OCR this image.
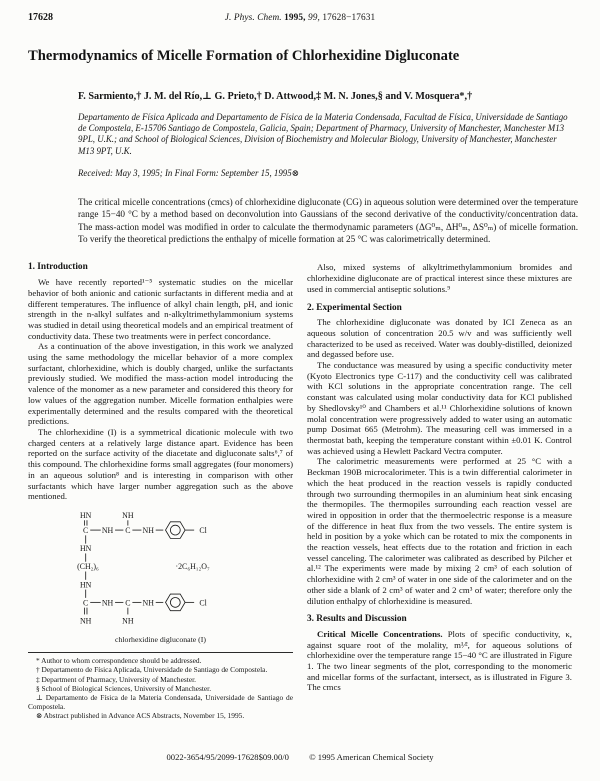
17628	J. Phys. Chem. 1995, 99, 17628−17631
Thermodynamics of Micelle Formation of Chlorhexidine Digluconate
F. Sarmiento,† J. M. del Río,⊥ G. Prieto,† D. Attwood,‡ M. N. Jones,§ and V. Mosquera*,†
Departamento de Física Aplicada and Departamento de Física de la Materia Condensada, Facultad de Física, Universidade de Santiago de Compostela, E-15706 Santiago de Compostela, Galicia, Spain; Department of Pharmacy, University of Manchester, Manchester M13 9PL, U.K.; and School of Biological Sciences, Division of Biochemistry and Molecular Biology, University of Manchester, Manchester M13 9PT, U.K.
Received: May 3, 1995; In Final Form: September 15, 1995⊗

The critical micelle concentrations (cmcs) of chlorhexidine digluconate (CG) in aqueous solution were determined over the temperature range 15−40 °C by a method based on deconvolution into Gaussians of the second derivative of the conductivity/concentration data. The mass-action model was modified in order to calculate the thermodynamic parameters (ΔG⁰ₘ, ΔH⁰ₘ, ΔS⁰ₘ) of micelle formation. To verify the theoretical predictions the enthalpy of micelle formation at 25 °C was calorimetrically determined.

1. Introduction

We have recently reported¹⁻⁵ systematic studies on the micellar behavior of both anionic and cationic surfactants in different media and at different temperatures. The influence of alkyl chain length, pH, and ionic strength in the n-alkyl sulfates and n-alkyltrimethylammonium systems was studied in detail using theoretical models and an empirical treatment of conductivity data. These two treatments were in perfect concordance.

As a continuation of the above investigation, in this work we analyzed using the same methodology the micellar behavior of a more complex surfactant, chlorhexidine, which is doubly charged, unlike the surfactants previously studied. We modified the mass-action model introducing the valence of the monomer as a new parameter and considered this theory for low values of the aggregation number. Micelle formation enthalpies were experimentally determined and the results compared with the theoretical predictions.

The chlorhexidine (I) is a symmetrical dicationic molecule with two charged centers at a relatively large distance apart. Evidence has been reported on the surface activity of the diacetate and digluconate salts⁶,⁷ of this compound. The chlorhexidine forms small aggregates (four monomers) in an aqueous solution⁸ and is interesting in comparison with other surfactants which have larger number aggregation such as the above mentioned.

HN
C NH C
NH
NH	Cl
HN
(CH₂)₆	·2C₆H₁₂O₇
HN
C NH C NH	Cl
NH	NH
chlorhexidine digluconate (I)

* Author to whom correspondence should be addressed.

† Departamento de Física Aplicada, Universidade de Santiago de Compostela.

‡ Department of Pharmacy, University of Manchester.

§ School of Biological Sciences, University of Manchester.

⊥ Departamento de Física de la Materia Condensada, Universidade de Santiago de Compostela.

⊗ Abstract published in Advance ACS Abstracts, November 15, 1995.

Also, mixed systems of alkyltrimethylammonium bromides and chlorhexidine digluconate are of practical interest since these mixtures are used in commercial antiseptic solutions.⁹

2. Experimental Section

The chlorhexidine digluconate was donated by ICI Zeneca as an aqueous solution of concentration 20.5 w/v and was sufficiently well characterized to be used as received. Water was doubly-distilled, deionized and degassed before use.

The conductance was measured by using a specific conductivity meter (Kyoto Electronics type C-117) and the conductivity cell was calibrated with KCl solutions in the appropriate concentration range. The cell constant was calculated using molar conductivity data for KCl published by Shedlovsky¹⁰ and Chambers et al.¹¹ Chlorhexidine solutions of known molal concentration were progressively added to water using an automatic pump Dosimat 665 (Metrohm). The measuring cell was immersed in a thermostat bath, keeping the temperature constant within ±0.01 K. Control was achieved using a Hewlett Packard Vectra computer.

The calorimetric measurements were performed at 25 °C with a Beckman 190B microcalorimeter. This is a twin differential calorimeter in which the heat produced in the reaction vessels is rapidly conducted through two surrounding thermopiles in an aluminium heat sink encasing the thermopiles. The thermopiles surrounding each reaction vessel are wired in opposition in order that the thermoelectric response is a measure of the difference in heat flux from the two vessels. The entire system is held in position by a yoke which can be rotated to mix the components in the reaction vessels, heat effects due to the rotation and friction in each vessel canceling. The calorimeter was calibrated as described by Pilcher et al.¹² The experiments were made by mixing 2 cm³ of each solution of chlorhexidine with 2 cm³ of water in one side of the calorimeter and on the other side a blank of 2 cm³ of water and 2 cm³ of water; therefore only the dilution enthalpy of chlorhexidine is measured.

3. Results and Discussion

Critical Micelle Concentrations. Plots of specific conductivity, κ, against square root of the molality, m¹⁄², for aqueous solutions of chlorhexidine over the temperature range 15−40 °C are illustrated in Figure 1. The two linear segments of the plot, corresponding to the monomeric and micellar forms of the surfactant, intersect, as is illustrated in Figure 3. The cmcs

0022-3654/95/2099-17628$09.00/0 © 1995 American Chemical Society
